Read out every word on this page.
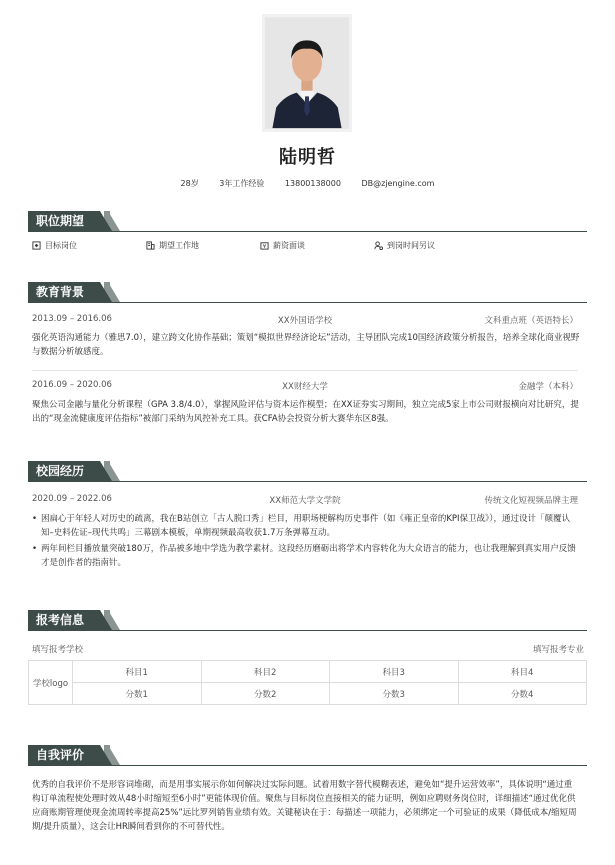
陆明哲
28岁	3年工作经验	13800138000	DB@zjengine.com
职位期望
目标岗位	期望工作地	¥ 薪资面谈	到岗时间另议
教育背景
XX外国语学校
2013.09 – 2016.06	文科重点班（英语特长）
强化英语沟通能力（雅思7.0），建立跨文化协作基础；策划“模拟世界经济论坛”活动，主导团队完成10国经济政策分析报告，培养全球化商业视野与数据分析敏感度。
XX财经大学
2016.09 – 2020.06	金融学（本科）
聚焦公司金融与量化分析课程（GPA 3.8/4.0），掌握风险评估与资本运作模型；在XX证券实习期间，独立完成5家上市公司财报横向对比研究，提出的“现金流健康度评估指标”被部门采纳为风控补充工具。获CFA协会投资分析大赛华东区8强。
校园经历
XX师范大学文学院
2020.09 – 2022.06	传统文化短视频品牌主理
• 困扁心于年轻人对历史的疏离，我在B站创立「古人脱口秀」栏目，用职场梗解构历史事件（如《雍正皇帝的KPI保卫战》），通过设计「颠覆认知–史料佐证–现代共鸣」三幕剧本模板，单期视频最高收获1.7万条弹幕互动。
• 两年间栏目播放量突破180万，作品被多地中学选为教学素材。这段经历磨砺出将学术内容转化为大众语言的能力，也让我理解到真实用户反馈才是创作者的指南针。
报考信息
填写报考学校	填写报考专业
学校logo	科目1	科目2	科目3	科目4
	分数1	分数2	分数3	分数4
自我评价
优秀的自我评价不是形容词堆砌，而是用事实展示你如何解决过实际问题。试着用数字替代模糊表述，避免如“提升运营效率”，具体说明“通过重构订单流程使处理时效从48小时缩短至6小时”更能体现价值。聚焦与目标岗位直接相关的能力证明，例如应聘财务岗位时，详细描述“通过优化供应商账期管理使现金流周转率提高25%”远比罗列销售业绩有效。关键秘诀在于：每描述一项能力，必须绑定一个可验证的成果（降低成本/缩短周期/提升质量），这会让HR瞬间看到你的不可替代性。
